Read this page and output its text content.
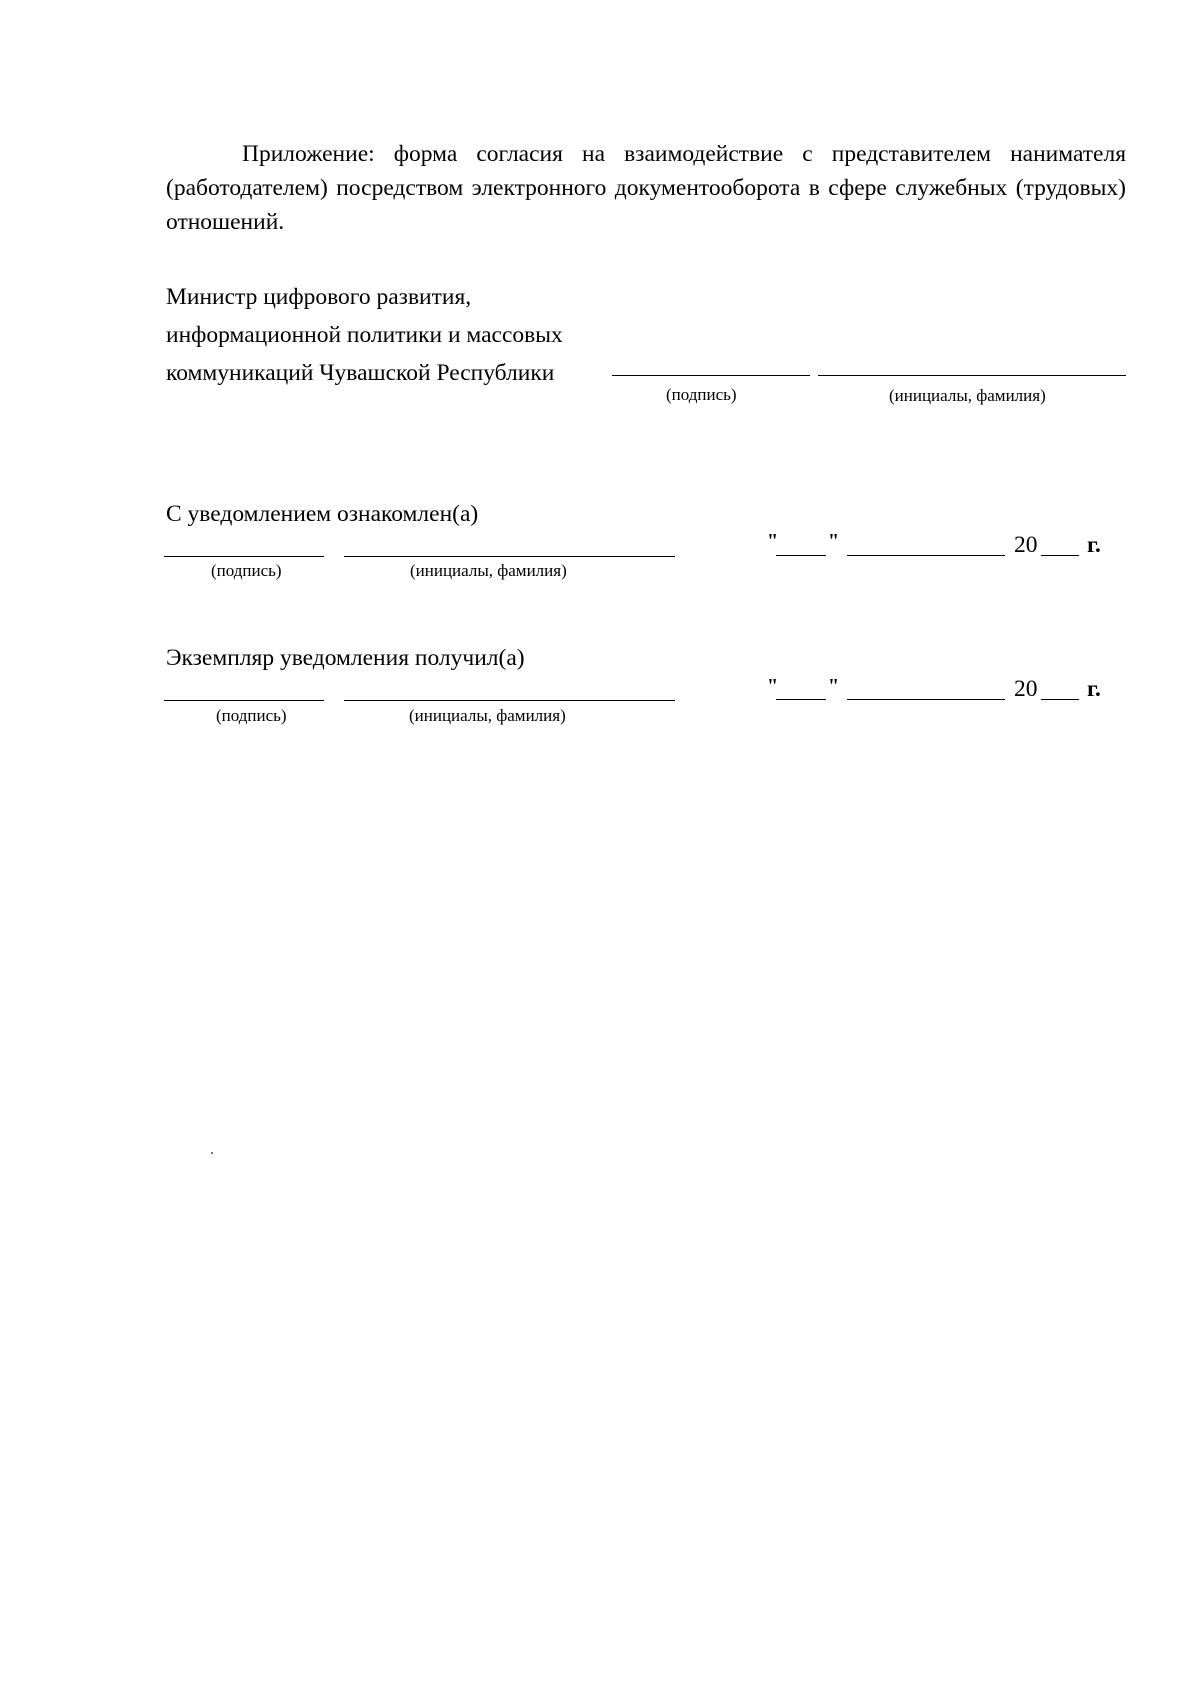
Приложение: форма согласия на взаимодействие с представителем нанимателя (работодателем) посредством электронного документооборота в сфере служебных (трудовых) отношений.
Министр цифрового развития,
информационной политики и массовых
коммуникаций Чувашской Республики
(подпись)	(инициалы, фамилия)
С уведомлением ознакомлен(а)
(подпись)	(инициалы, фамилия)
" "	20 г.
Экземпляр уведомления получил(а)
(подпись)	(инициалы, фамилия)
" "	20 г.
